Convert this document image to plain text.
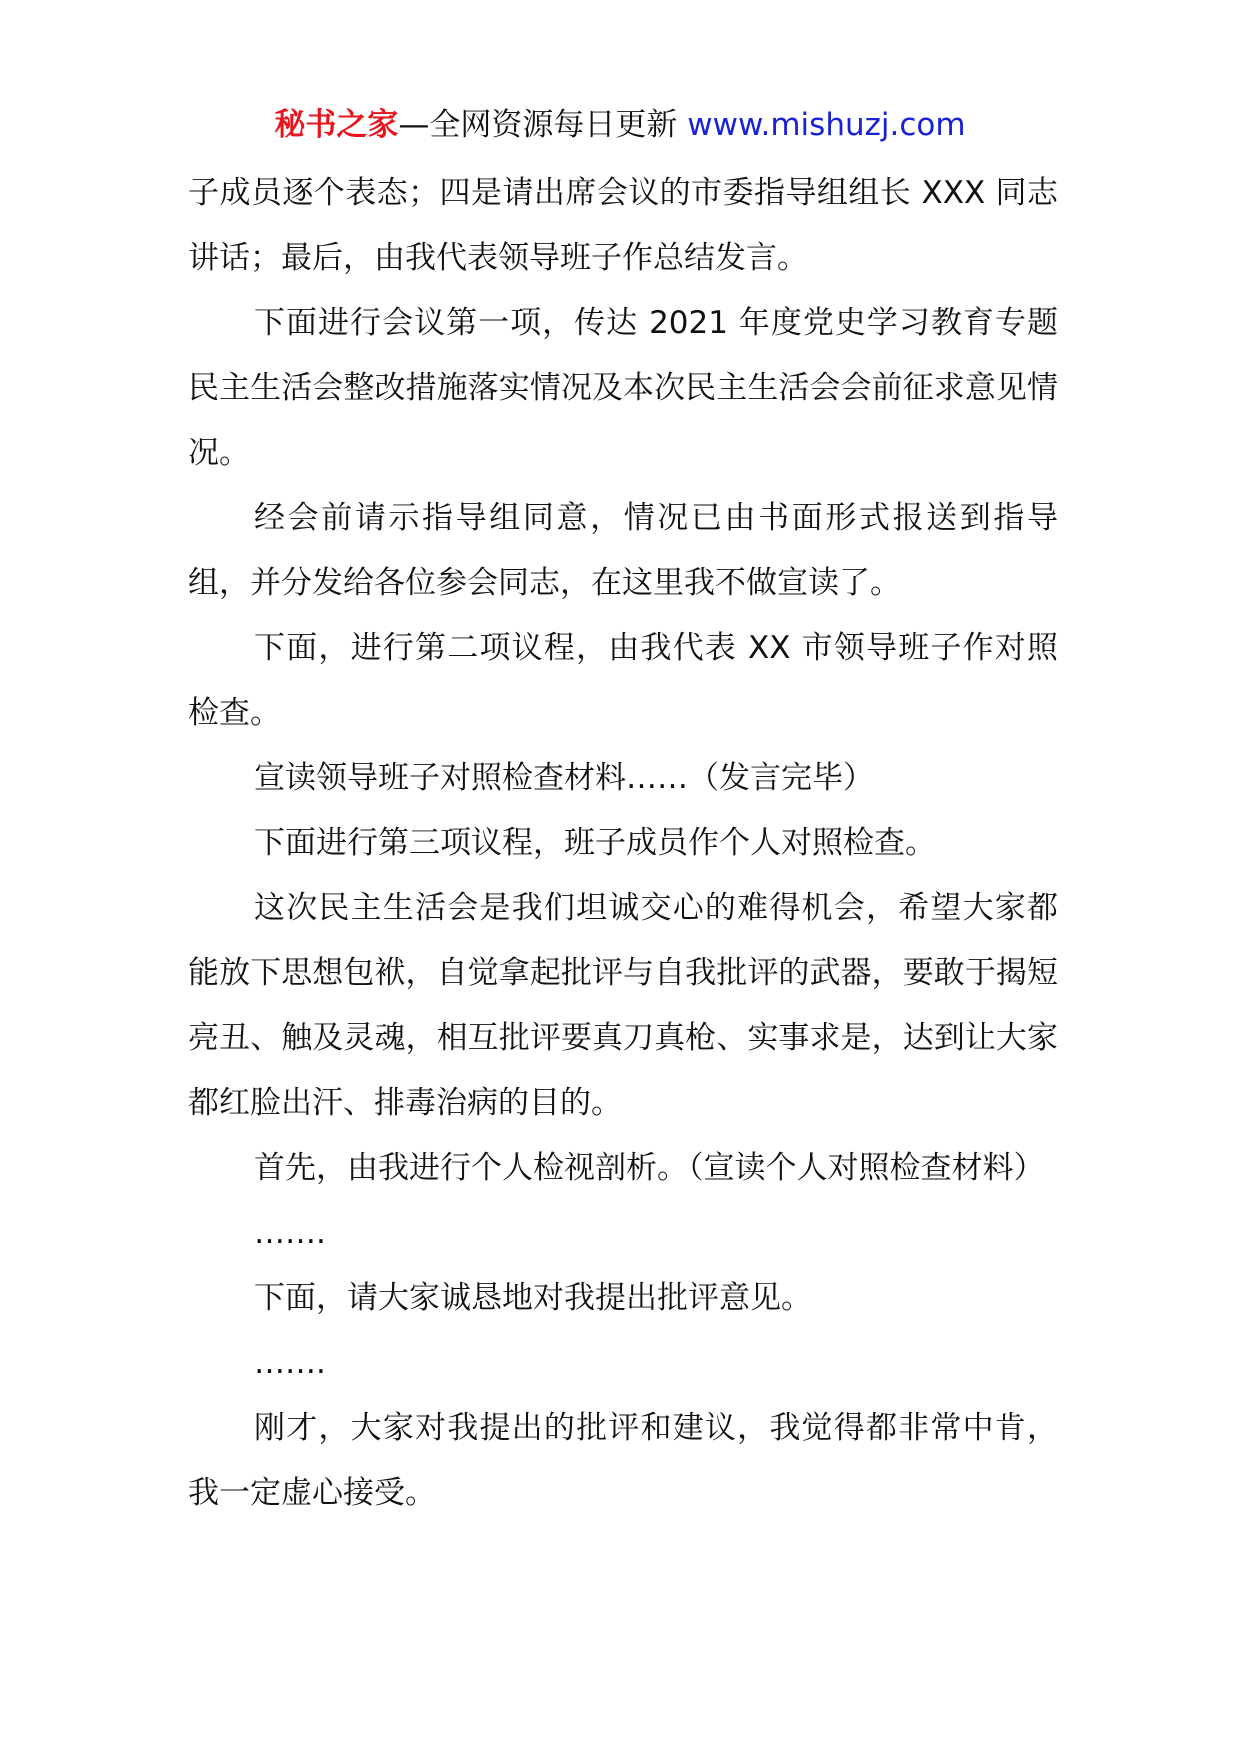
秘书之家—全网资源每日更新 www.mishuzj.com

子成员逐个表态；四是请出席会议的市委指导组组长 XXX 同志讲话；最后，由我代表领导班子作总结发言。

下面进行会议第一项，传达 2021 年度党史学习教育专题民主生活会整改措施落实情况及本次民主生活会会前征求意见情况。

经会前请示指导组同意，情况已由书面形式报送到指导组，并分发给各位参会同志，在这里我不做宣读了。

下面，进行第二项议程，由我代表 XX 市领导班子作对照检查。

宣读领导班子对照检查材料……（发言完毕）

下面进行第三项议程，班子成员作个人对照检查。

这次民主生活会是我们坦诚交心的难得机会，希望大家都能放下思想包袱，自觉拿起批评与自我批评的武器，要敢于揭短亮丑、触及灵魂，相互批评要真刀真枪、实事求是，达到让大家都红脸出汗、排毒治病的目的。

首先，由我进行个人检视剖析。（宣读个人对照检查材料）

…….

下面，请大家诚恳地对我提出批评意见。

…….

刚才，大家对我提出的批评和建议，我觉得都非常中肯，我一定虚心接受。
